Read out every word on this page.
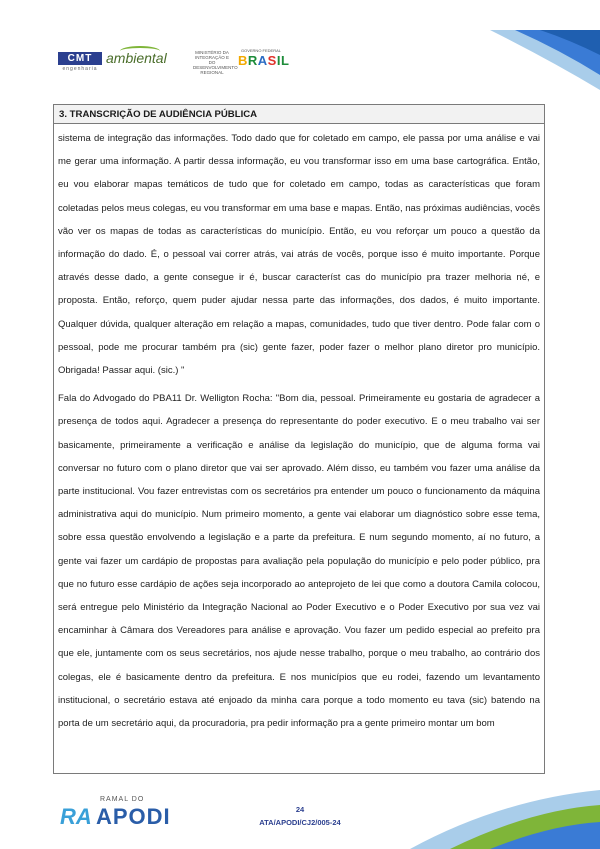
CMT
engenharia
ambiental	MINISTÉRIO DA INTEGRAÇÃO E DO DESENVOLVIMENTO REGIONAL
GOVERNO FEDERAL
BRASIL
3. TRANSCRIÇÃO DE AUDIÊNCIA PÚBLICA

sistema de integração das informações. Todo dado que for coletado em campo, ele passa por uma análise e vai me gerar uma informação. A partir dessa informação, eu vou transformar isso em uma base cartográfica. Então, eu vou elaborar mapas temáticos de tudo que for coletado em campo, todas as características que foram coletadas pelos meus colegas, eu vou transformar em uma base e mapas. Então, nas próximas audiências, vocês vão ver os mapas de todas as características do município. Então, eu vou reforçar um pouco a questão da informação do dado. É, o pessoal vai correr atrás, vai atrás de vocês, porque isso é muito importante. Porque através desse dado, a gente consegue ir é, buscar característ cas do município pra trazer melhoria né, e proposta. Então, reforço, quem puder ajudar nessa parte das informações, dos dados, é muito importante. Qualquer dúvida, qualquer alteração em relação a mapas, comunidades, tudo que tiver dentro. Pode falar com o pessoal, pode me procurar também pra (sic) gente fazer, poder fazer o melhor plano diretor pro município. Obrigada! Passar aqui. (sic.) "

Fala do Advogado do PBA11 Dr. Welligton Rocha: "Bom dia, pessoal. Primeiramente eu gostaria de agradecer a presença de todos aqui. Agradecer a presença do representante do poder executivo. E o meu trabalho vai ser basicamente, primeiramente a verificação e análise da legislação do município, que de alguma forma vai conversar no futuro com o plano diretor que vai ser aprovado. Além disso, eu também vou fazer uma análise da parte institucional. Vou fazer entrevistas com os secretários pra entender um pouco o funcionamento da máquina administrativa aqui do município. Num primeiro momento, a gente vai elaborar um diagnóstico sobre esse tema, sobre essa questão envolvendo a legislação e a parte da prefeitura. E num segundo momento, aí no futuro, a gente vai fazer um cardápio de propostas para avaliação pela população do município e pelo poder público, pra que no futuro esse cardápio de ações seja incorporado ao anteprojeto de lei que como a doutora Camila colocou, será entregue pelo Ministério da Integração Nacional ao Poder Executivo e o Poder Executivo por sua vez vai encaminhar à Câmara dos Vereadores para análise e aprovação. Vou fazer um pedido especial ao prefeito pra que ele, juntamente com os seus secretários, nos ajude nesse trabalho, porque o meu trabalho, ao contrário dos colegas, ele é basicamente dentro da prefeitura. E nos municípios que eu rodei, fazendo um levantamento institucional, o secretário estava até enjoado da minha cara porque a todo momento eu tava (sic) batendo na porta de um secretário aqui, da procuradoria, pra pedir informação pra a gente primeiro montar um bom

RAMAL DO
RA APODI	24
ATA/APODI/CJ2/005-24
